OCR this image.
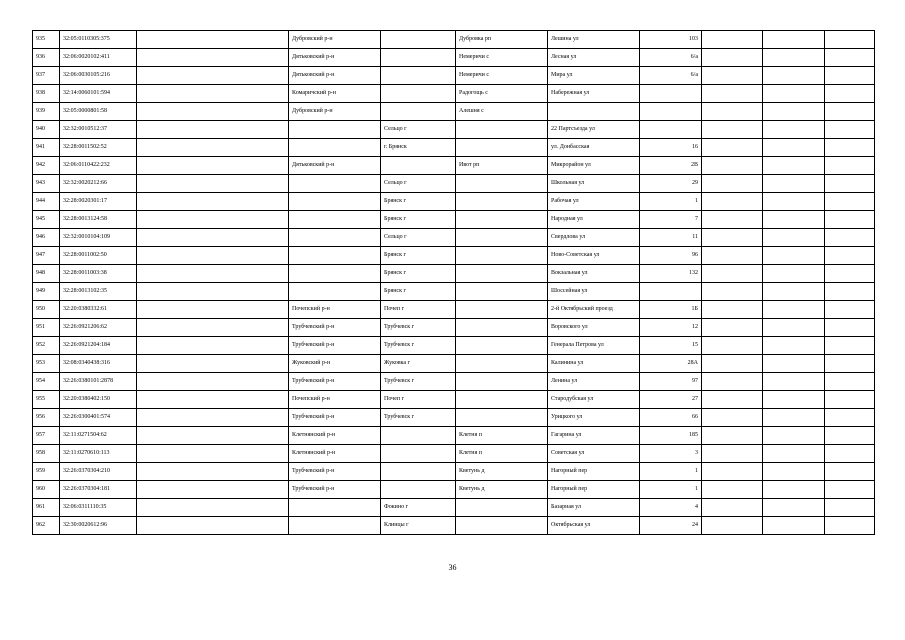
935	32:05:0110305:375		Дубровский р-н		Дубровка рп	Лешина ул	103			
936	32:06:0020102:411		Дятьковский р-н		Немеричи с	Лесная ул	6/а			
937	32:06:0030105:216		Дятьковский р-н		Немеричи с	Мира ул	6/а			
938	32:14:0060101:594		Комаричский р-н		Радогощь с	Набережная ул				
939	32:05:0000801:58		Дубровский р-н		Алешня с					
940	32:32:0010512:37			Сельцо г		22 Партсъезда ул				
941	32:28:0011502:52			г. Брянск		ул. Донбасская	16			
942	32:06:0110422:232		Дятьковский р-н		Ивот рп	Микрорайон ул	2В			
943	32:32:0020212:66			Сельцо г		Школьная ул	29			
944	32:28:0020301:17			Брянск г		Рабочая ул	1			
945	32:28:0013124:58			Брянск г		Народная ул	7			
946	32:32:0010104:109			Сельцо г		Свердлова ул	11			
947	32:28:0011002:50			Брянск г		Ново-Советская ул	96			
948	32:28:0011003:38			Брянск г		Вокзальная ул	132			
949	32:28:0013102:35			Брянск г		Шоссейная ул				
950	32:20:0380332:61		Почепский р-н	Почеп г		2-й Октябрьский проезд	1Б			
951	32:26:0921206:62		Трубчевский р-н	Трубчевск г		Воровского ул	12			
952	32:26:0921204:184		Трубчевский р-н	Трубчевск г		Генерала Петрова ул	15			
953	32:08:0340438:316		Жуковский р-н	Жуковка г		Калинина ул	28А			
954	32:26:0380101:2878		Трубчевский р-н	Трубчевск г		Ленина ул	97			
955	32:20:0380402:150		Почепский р-н	Почеп г		Стародубская ул	27			
956	32:26:0300401:574		Трубчевский р-н	Трубчевск г		Урицкого ул	66			
957	32:11:0271504:62		Клетнянский р-н		Клетня п	Гагарина ул	185			
958	32:11:0270610:113		Клетнянский р-н		Клетня п	Советская ул	3			
959	32:26:0370304:210		Трубчевский р-н		Кветунь д	Нагорный пер	1			
960	32:26:0370304:181		Трубчевский р-н		Кветунь д	Нагорный пер	1			
961	32:06:0311110:35			Фокино г		Базарная ул	4			
962	32:30:0020612:96			Клинцы г		Октябрьская ул	24			
36
